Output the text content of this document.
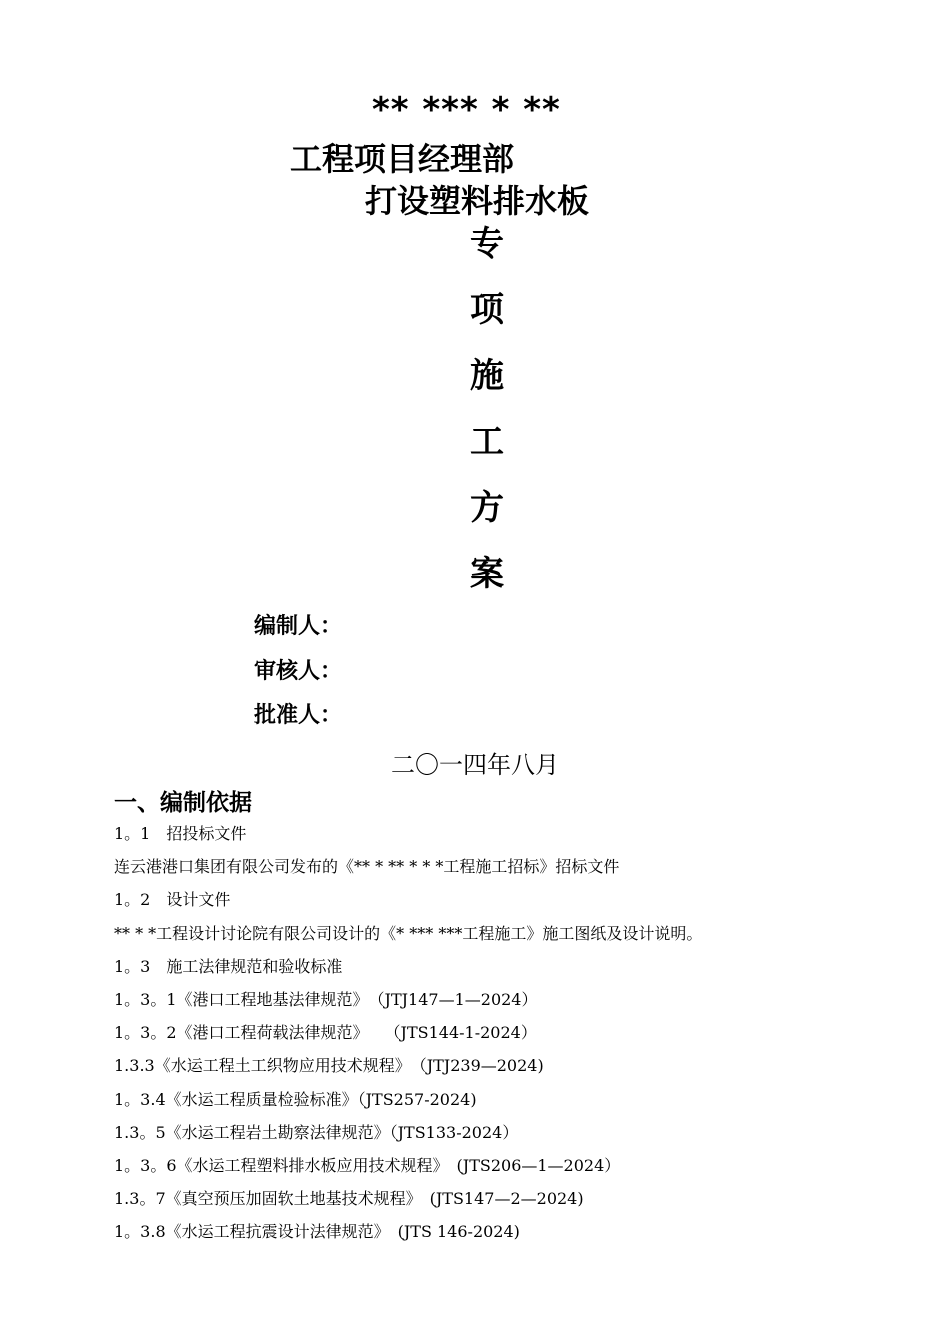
** *** * **
工程项目经理部
打设塑料排水板
专
项
施
工
方
案
编制人：
审核人：
批准人：
二〇一四年八月
一、编制依据
1。1　招投标文件
连云港港口集团有限公司发布的《** * ** * * *工程施工招标》招标文件
1。2　设计文件
** * *工程设计讨论院有限公司设计的《* *** ***工程施工》施工图纸及设计说明。
1。3　施工法律规范和验收标准
1。3。1《港口工程地基法律规范》　（JTJ147—1—2024）
1。3。2《港口工程荷载法律规范》　　（JTS144-1-2024）
1.3.3《水运工程土工织物应用技术规程》　（JTJ239—2024)
1。3.4《水运工程质量检验标准》（JTS257-2024)
1.3。5《水运工程岩土勘察法律规范》（JTS133-2024）
1。3。6《水运工程塑料排水板应用技术规程》　(JTS206—1—2024）
1.3。7《真空预压加固软土地基技术规程》　(JTS147—2—2024)
1。3.8《水运工程抗震设计法律规范》　(JTS 146-2024)
